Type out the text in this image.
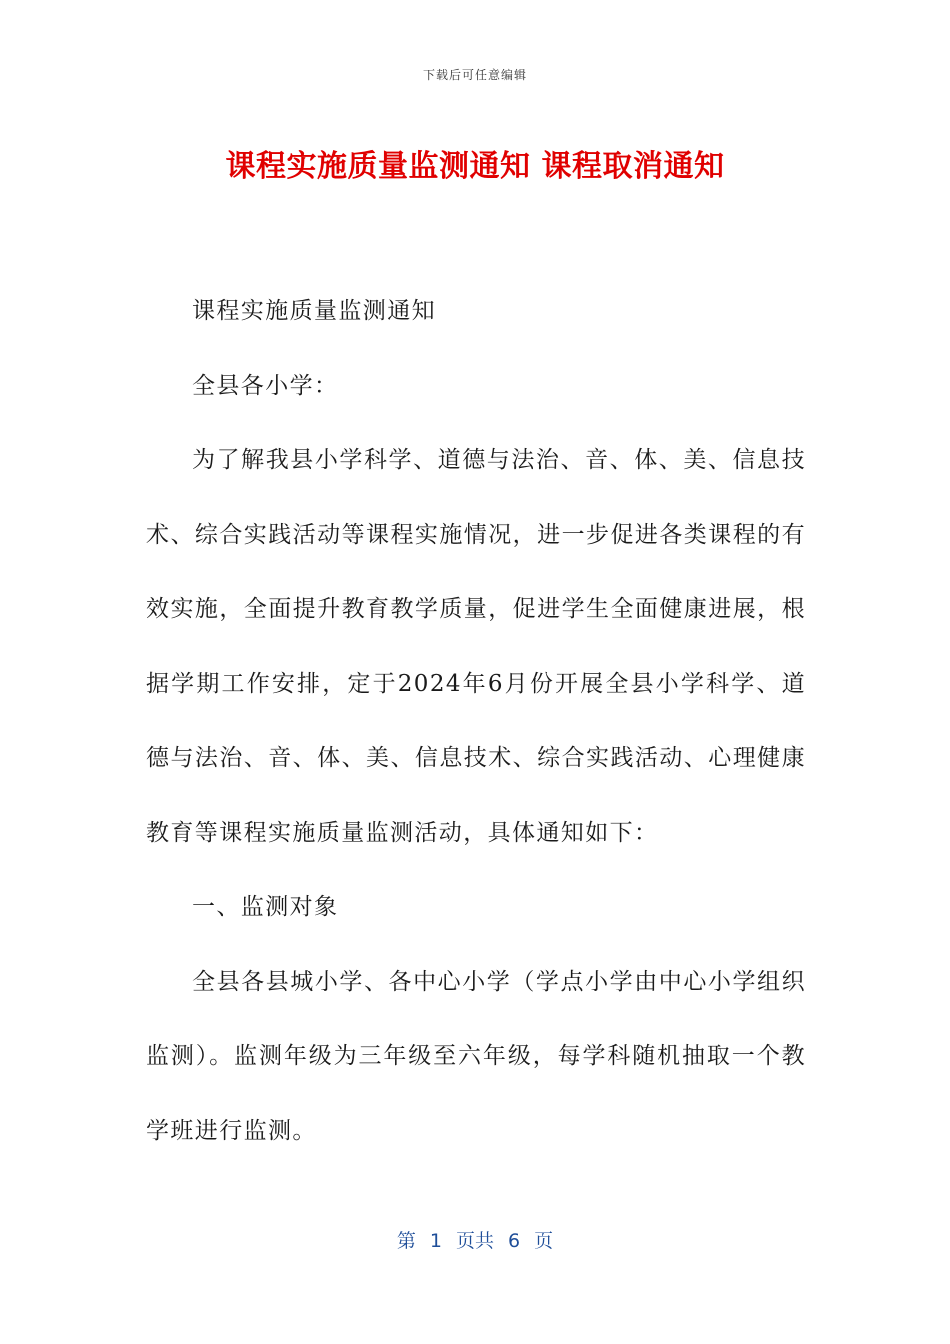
下载后可任意编辑
课程实施质量监测通知 课程取消通知

课程实施质量监测通知

全县各小学：

为了解我县小学科学、道德与法治、音、体、美、信息技术、综合实践活动等课程实施情况，进一步促进各类课程的有效实施，全面提升教育教学质量，促进学生全面健康进展，根据学期工作安排，定于2024年6月份开展全县小学科学、道德与法治、音、体、美、信息技术、综合实践活动、心理健康教育等课程实施质量监测活动，具体通知如下：

一、监测对象

全县各县城小学、各中心小学（学点小学由中心小学组织监测）。监测年级为三年级至六年级，每学科随机抽取一个教学班进行监测。

第 1 页共 6 页
